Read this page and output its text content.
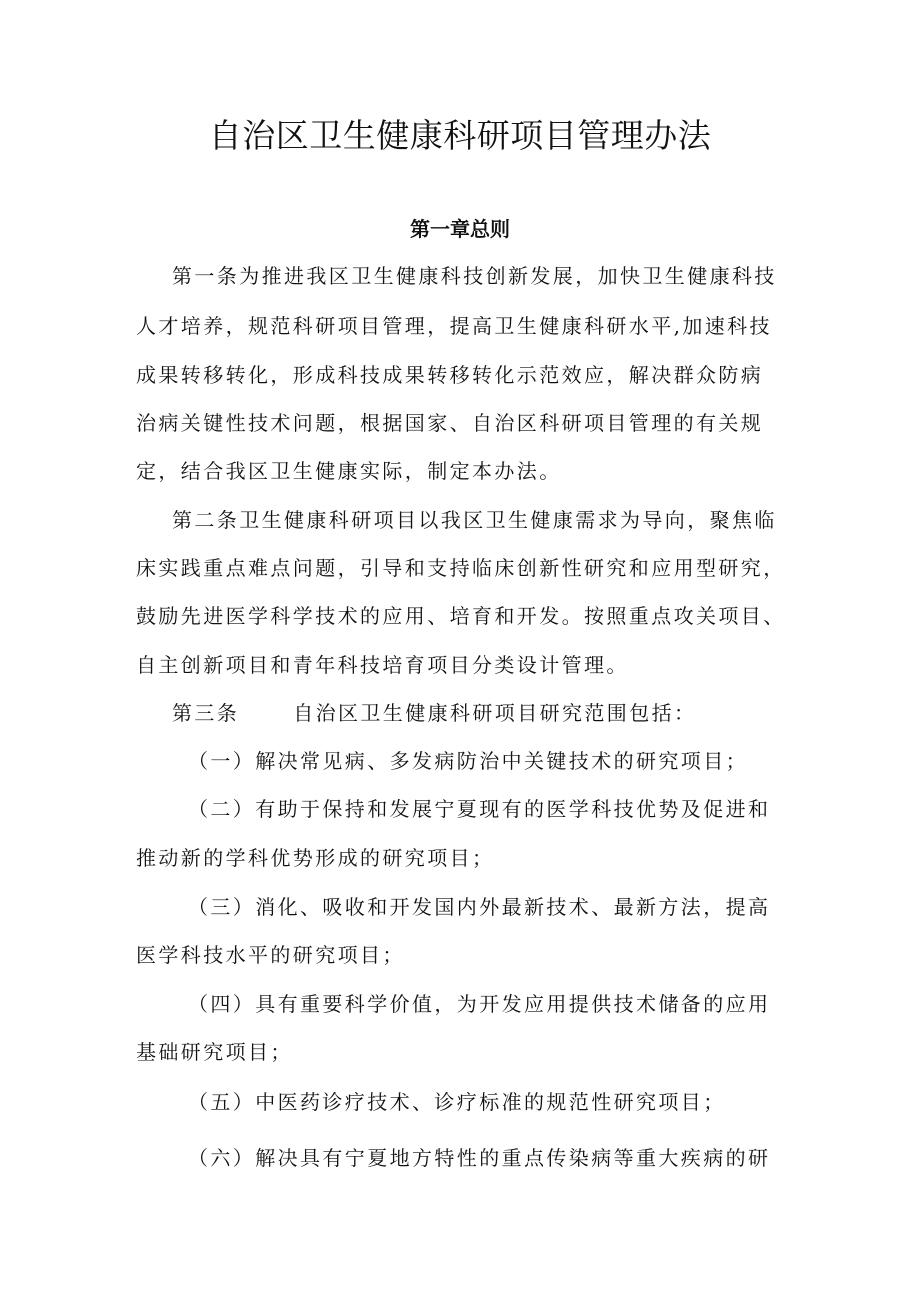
自治区卫生健康科研项目管理办法
第一章总则

第一条为推进我区卫生健康科技创新发展，加快卫生健康科技

人才培养，规范科研项目管理，提高卫生健康科研水平,加速科技

成果转移转化，形成科技成果转移转化示范效应，解决群众防病

治病关键性技术问题，根据国家、自治区科研项目管理的有关规

定，结合我区卫生健康实际，制定本办法。

第二条卫生健康科研项目以我区卫生健康需求为导向，聚焦临

床实践重点难点问题，引导和支持临床创新性研究和应用型研究，

鼓励先进医学科学技术的应用、培育和开发。按照重点攻关项目、

自主创新项目和青年科技培育项目分类设计管理。

第三条	自治区卫生健康科研项目研究范围包括：

（一）解决常见病、多发病防治中关键技术的研究项目；

（二）有助于保持和发展宁夏现有的医学科技优势及促进和

推动新的学科优势形成的研究项目；

（三）消化、吸收和开发国内外最新技术、最新方法，提高

医学科技水平的研究项目；

（四）具有重要科学价值，为开发应用提供技术储备的应用

基础研究项目；

（五）中医药诊疗技术、诊疗标准的规范性研究项目；

（六）解决具有宁夏地方特性的重点传染病等重大疾病的研
